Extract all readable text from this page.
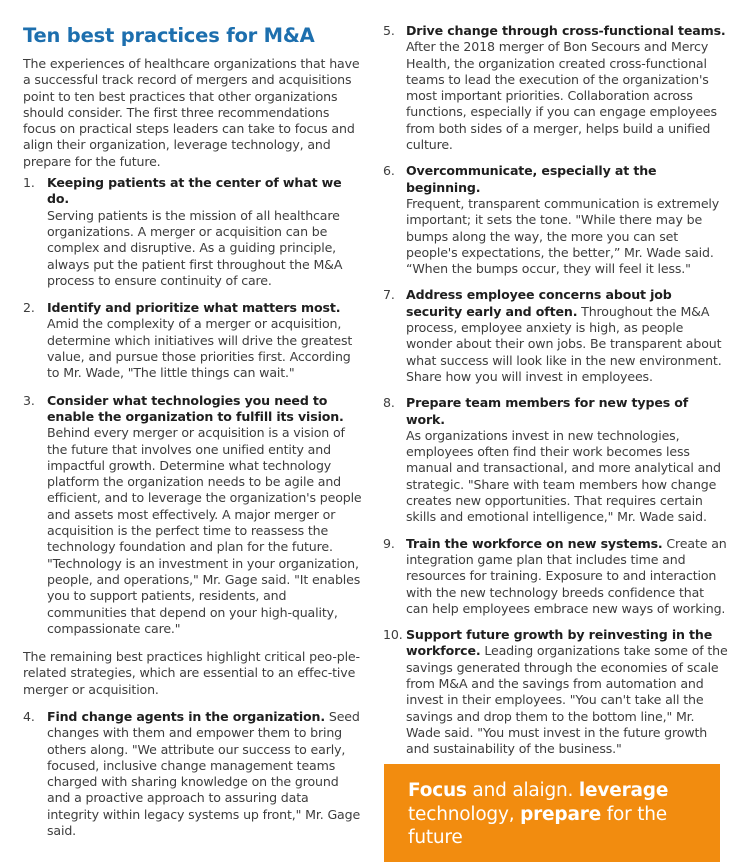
Ten best practices for M&A

The experiences of healthcare organizations that have a successful track record of mergers and acquisitions point to ten best practices that other organizations should consider. The first three recommendations focus on practical steps leaders can take to focus and align their organization, leverage technology, and prepare for the future.

1. Keeping patients at the center of what we do.
Serving patients is the mission of all healthcare organizations. A merger or acquisition can be complex and disruptive. As a guiding principle, always put the patient first throughout the M&A process to ensure continuity of care.
2. Identify and prioritize what matters most.
Amid the complexity of a merger or acquisition, determine which initiatives will drive the greatest value, and pursue those priorities first. According to Mr. Wade, "The little things can wait."
3. Consider what technologies you need to enable the organization to fulfill its vision.
Behind every merger or acquisition is a vision of the future that involves one unified entity and impactful growth. Determine what technology platform the organization needs to be agile and efficient, and to leverage the organization's people and assets most effectively. A major merger or acquisition is the perfect time to reassess the technology foundation and plan for the future. "Technology is an investment in your organization, people, and operations," Mr. Gage said. "It enables you to support patients, residents, and communities that depend on your high-quality, compassionate care."

The remaining best practices highlight critical peo-ple-related strategies, which are essential to an effec-tive merger or acquisition.

4. Find change agents in the organization. Seed changes with them and empower them to bring others along. "We attribute our success to early, focused, inclusive change management teams charged with sharing knowledge on the ground and a proactive approach to assuring data integrity within legacy systems up front," Mr. Gage said.
5. Drive change through cross-functional teams.
After the 2018 merger of Bon Secours and Mercy Health, the organization created cross-functional teams to lead the execution of the organization's most important priorities. Collaboration across functions, especially if you can engage employees from both sides of a merger, helps build a unified culture.
6. Overcommunicate, especially at the beginning.
Frequent, transparent communication is extremely important; it sets the tone. "While there may be bumps along the way, the more you can set people's expectations, the better,” Mr. Wade said. “When the bumps occur, they will feel it less."
7. Address employee concerns about job security early and often. Throughout the M&A process, employee anxiety is high, as people wonder about their own jobs. Be transparent about what success will look like in the new environment. Share how you will invest in employees.
8. Prepare team members for new types of work.
As organizations invest in new technologies, employees often find their work becomes less manual and transactional, and more analytical and strategic. "Share with team members how change creates new opportunities. That requires certain skills and emotional intelligence," Mr. Wade said.
9. Train the workforce on new systems. Create an integration game plan that includes time and resources for training. Exposure to and interaction with the new technology breeds confidence that can help employees embrace new ways of working.
10. Support future growth by reinvesting in the workforce. Leading organizations take some of the savings generated through the economies of scale from M&A and the savings from automation and invest in their employees. "You can't take all the savings and drop them to the bottom line," Mr. Wade said. "You must invest in the future growth and sustainability of the business."
Focus and alaign. leverage technology, prepare for the future
